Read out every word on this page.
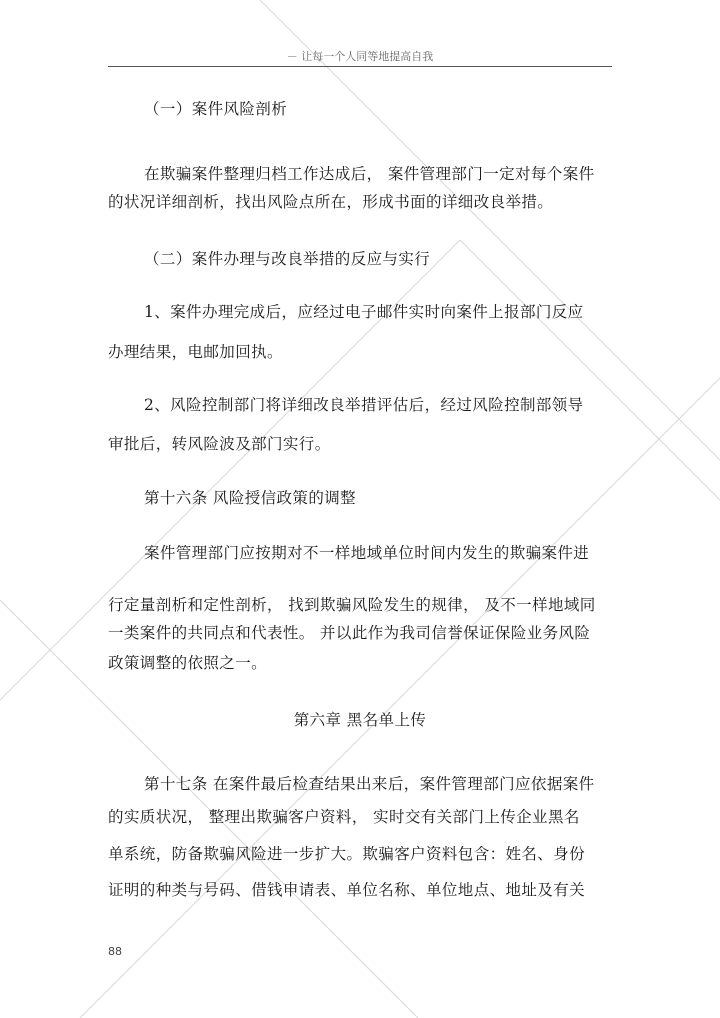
－ 让每一个人同等地提高自我
（一）案件风险剖析
在欺骗案件整理归档工作达成后， 案件管理部门一定对每个案件
的状况详细剖析，找出风险点所在，形成书面的详细改良举措。
（二）案件办理与改良举措的反应与实行
1、案件办理完成后，应经过电子邮件实时向案件上报部门反应
办理结果，电邮加回执。
2、风险控制部门将详细改良举措评估后，经过风险控制部领导
审批后，转风险波及部门实行。
第十六条 风险授信政策的调整
案件管理部门应按期对不一样地域单位时间内发生的欺骗案件进
行定量剖析和定性剖析， 找到欺骗风险发生的规律， 及不一样地域同
一类案件的共同点和代表性。 并以此作为我司信誉保证保险业务风险
政策调整的依照之一。
第六章 黑名单上传
第十七条 在案件最后检查结果出来后，案件管理部门应依据案件
的实质状况， 整理出欺骗客户资料， 实时交有关部门上传企业黑名
单系统，防备欺骗风险进一步扩大。欺骗客户资料包含：姓名、身份
证明的种类与号码、借钱申请表、单位名称、单位地点、地址及有关
88
